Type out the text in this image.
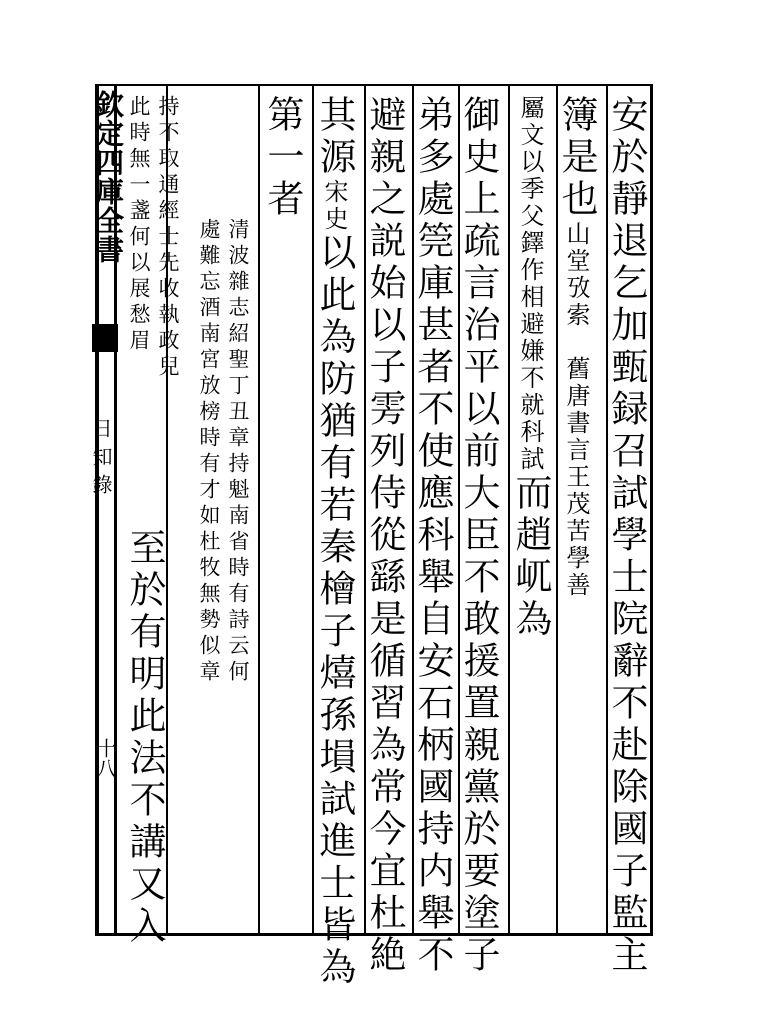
欽定四庫全書
日知錄
十八	安於靜退乞加甄録召試學士院辭不赴除國子監主
簿是也山堂攷索　舊唐書言王茂苦學善
屬文以季父鐸作相避嫌不就科試而趙屼為
御史上疏言治平以前大臣不敢援置親黨於要塗子
弟多處筦庫甚者不使應科舉自安石柄國持内舉不
避親之説始以子雱列侍從繇是循習為常今宜杜絶
其源宋史以此為防猶有若秦檜子熺孫塤試進士皆為
第一者
清波雜志紹聖丁丑章持魁南省時有詩云何
處難忘酒南宮放榜時有才如杜牧無勢似章
持不取通經士先收執政兒
此時無一盞何以展愁眉
至於有明此法不講又入
